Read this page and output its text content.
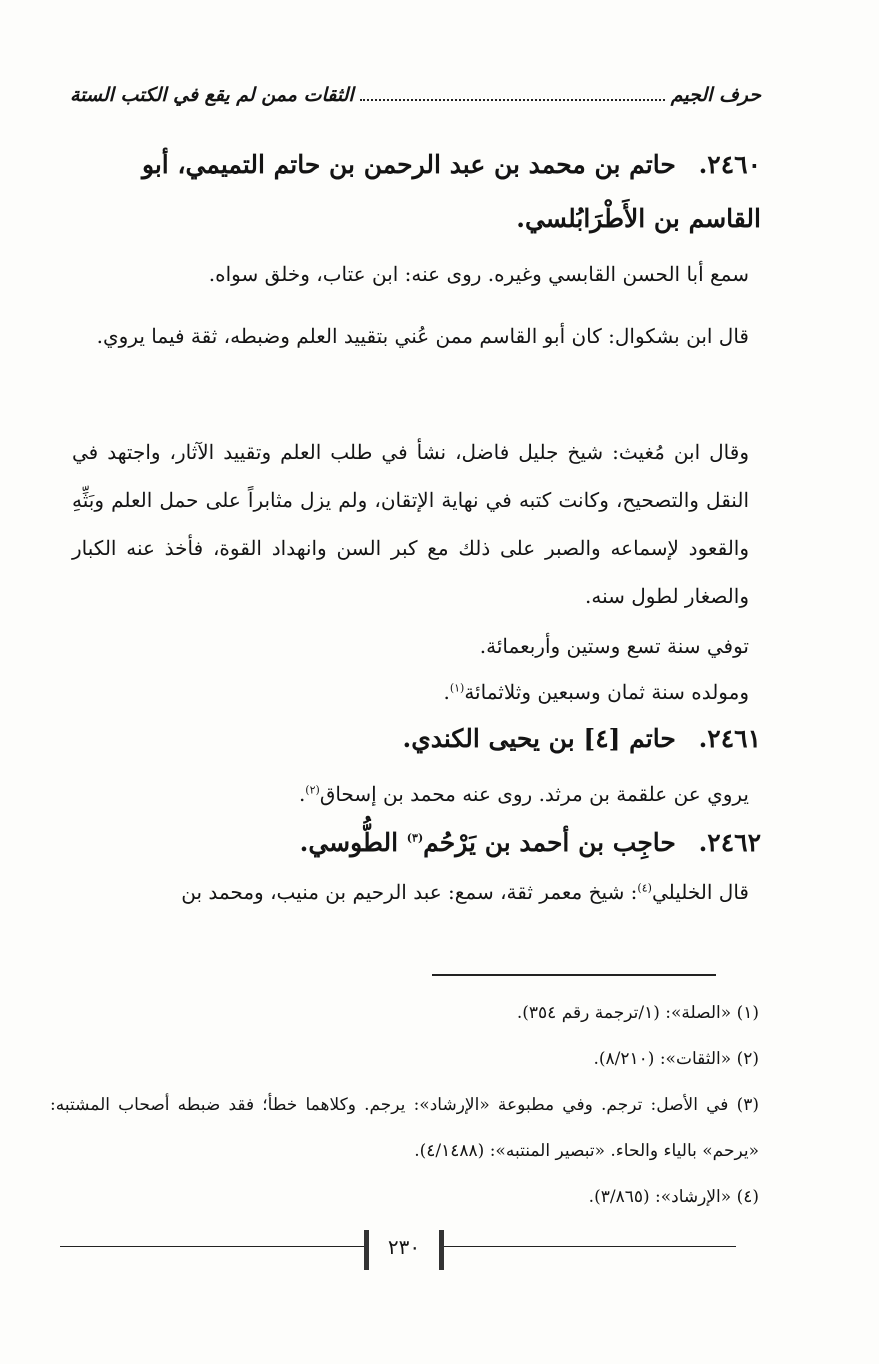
حرف الجيم
الثقات ممن لم يقع في الكتب الستة
٢٤٦٠. حاتم بن محمد بن عبد الرحمن بن حاتم التميمي، أبو القاسم بن الأَطْرَابُلسي.
سمع أبا الحسن القابسي وغيره. روى عنه: ابن عتاب، وخلق سواه.
قال ابن بشكوال: كان أبو القاسم ممن عُني بتقييد العلم وضبطه، ثقة فيما يروي.
وقال ابن مُغيث: شيخ جليل فاضل، نشأ في طلب العلم وتقييد الآثار، واجتهد في النقل والتصحيح، وكانت كتبه في نهاية الإتقان، ولم يزل مثابراً على حمل العلم وبَثِّهِ والقعود لإسماعه والصبر على ذلك مع كبر السن وانهداد القوة، فأخذ عنه الكبار والصغار لطول سنه.
توفي سنة تسع وستين وأربعمائة.
ومولده سنة ثمان وسبعين وثلاثمائة$^{(١)}$.
٢٤٦١. حاتم [٤] بن يحيى الكندي.
يروي عن علقمة بن مرثد. روى عنه محمد بن إسحاق$^{(٢)}$.
٢٤٦٢. حاجِب بن أحمد بن يَرْحُم$^{(٣)}$ الطُّوسي.
قال الخليلي$^{(٤)}$: شيخ معمر ثقة، سمع: عبد الرحيم بن منيب، ومحمد بن

(١) «الصلة»: (١/ترجمة رقم ٣٥٤).

(٢) «الثقات»: (٨/٢١٠).

(٣) في الأصل: ترجم. وفي مطبوعة «الإرشاد»: يرجم. وكلاهما خطأ؛ فقد ضبطه أصحاب المشتبه: «يرحم» بالياء والحاء. «تبصير المنتبه»: (٤/١٤٨٨).

(٤) «الإرشاد»: (٣/٨٦٥).

٢٣٠
